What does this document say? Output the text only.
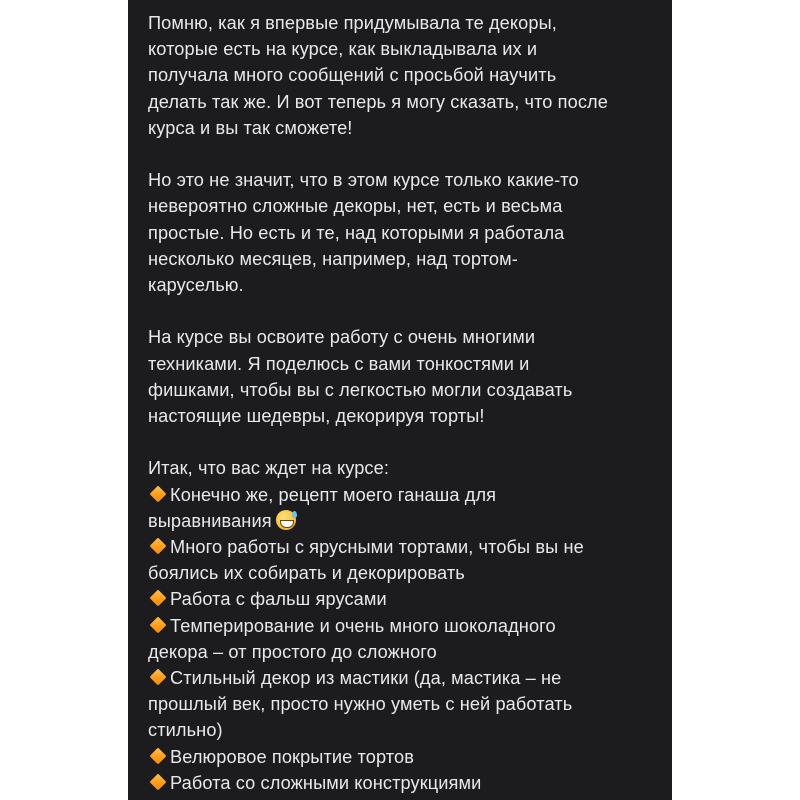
Помню, как я впервые придумывала те декоры,
которые есть на курсе, как выкладывала их и
получала много сообщений с просьбой научить
делать так же. И вот теперь я могу сказать, что после
курса и вы так сможете!
Но это не значит, что в этом курсе только какие-то
невероятно сложные декоры, нет, есть и весьма
простые. Но есть и те, над которыми я работала
несколько месяцев, например, над тортом-
каруселью.
На курсе вы освоите работу с очень многими
техниками. Я поделюсь с вами тонкостями и
фишками, чтобы вы с легкостью могли создавать
настоящие шедевры, декорируя торты!
Итак, что вас ждет на курсе:
Конечно же, рецепт моего ганаша для
выравнивания
Много работы с ярусными тортами, чтобы вы не
боялись их собирать и декорировать
Работа с фальш ярусами
Темперирование и очень много шоколадного
декора – от простого до сложного
Стильный декор из мастики (да, мастика – не
прошлый век, просто нужно уметь с ней работать
стильно)
Велюровое покрытие тортов
Работа со сложными конструкциями
